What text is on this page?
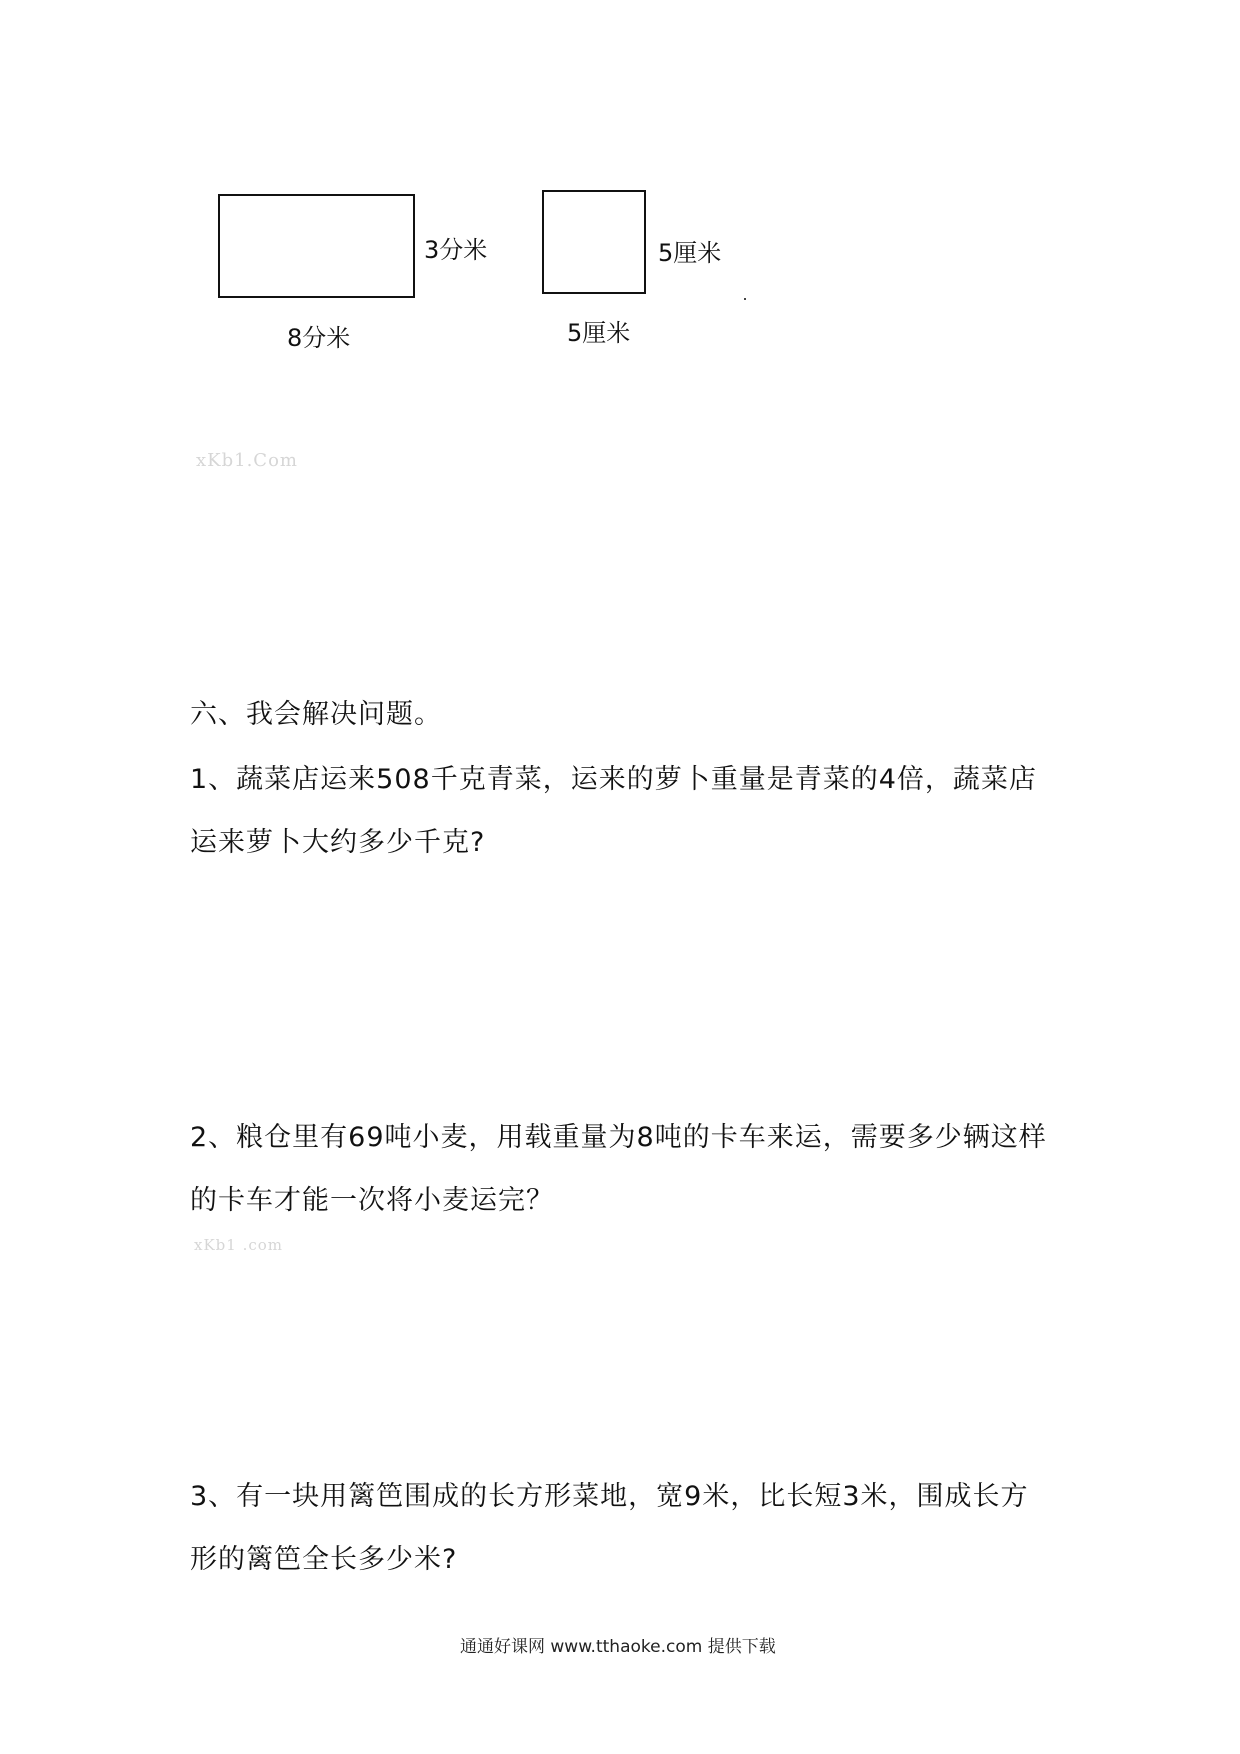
3分米
8分米
5厘米
5厘米
xKb1.Com
六、我会解决问题。
1、蔬菜店运来508千克青菜，运来的萝卜重量是青菜的4倍，蔬菜店
运来萝卜大约多少千克?
2、粮仓里有69吨小麦，用载重量为8吨的卡车来运，需要多少辆这样
的卡车才能一次将小麦运完？
xKb1 .com
3、有一块用篱笆围成的长方形菜地，宽9米，比长短3米，围成长方
形的篱笆全长多少米?
通通好课网 www.tthaoke.com 提供下载
